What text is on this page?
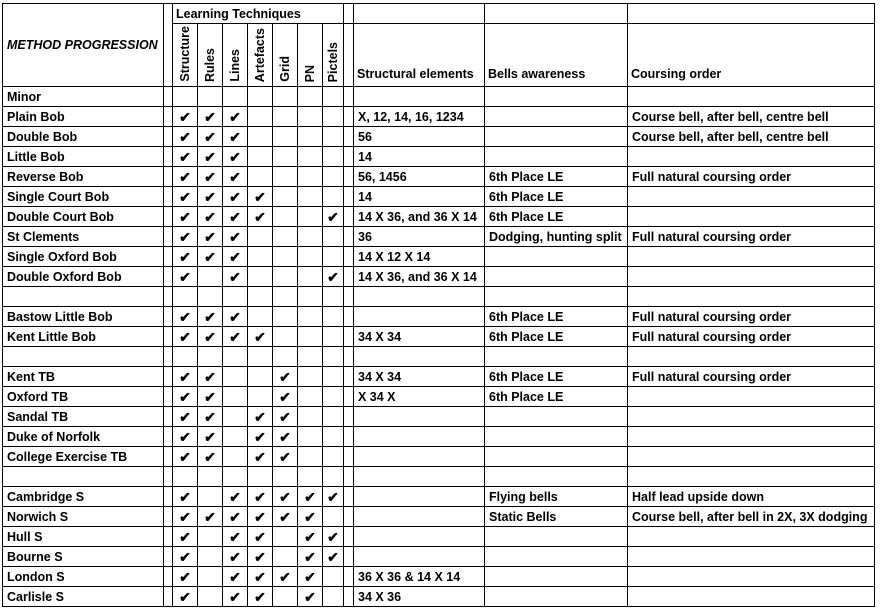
METHOD PROGRESSION		Learning Techniques										

		Structure	Rules	Lines	Artefacts	Grid	PN	Pictels		Structural elements	Bells awareness	Coursing order
Minor												
Plain Bob		✔	✔	✔						X, 12, 14, 16, 1234		Course bell, after bell, centre bell
Double Bob		✔	✔	✔						56		Course bell, after bell, centre bell
Little Bob		✔	✔	✔						14		
Reverse Bob		✔	✔	✔						56, 1456	6th Place LE	Full natural coursing order
Single Court Bob		✔	✔	✔	✔					14	6th Place LE	
Double Court Bob		✔	✔	✔	✔			✔		14 X 36, and 36 X 14	6th Place LE	
St Clements		✔	✔	✔						36	Dodging, hunting split	Full natural coursing order
Single Oxford Bob		✔	✔	✔						14 X 12 X 14		
Double Oxford Bob		✔		✔				✔		14 X 36, and 36 X 14		

Bastow Little Bob		✔	✔	✔							6th Place LE	Full natural coursing order
Kent Little Bob		✔	✔	✔	✔					34 X 34	6th Place LE	Full natural coursing order

Kent TB		✔	✔			✔				34 X 34	6th Place LE	Full natural coursing order
Oxford TB		✔	✔			✔				X 34 X	6th Place LE	
Sandal TB		✔	✔		✔	✔						
Duke of Norfolk		✔	✔		✔	✔						
College Exercise TB		✔	✔		✔	✔						

Cambridge S		✔		✔	✔	✔	✔	✔			Flying bells	Half lead upside down
Norwich S		✔	✔	✔	✔	✔	✔				Static Bells	Course bell, after bell in 2X, 3X dodging
Hull S		✔		✔	✔		✔	✔				
Bourne S		✔		✔	✔		✔	✔				
London S		✔		✔	✔	✔	✔			36 X 36 & 14 X 14		
Carlisle S		✔		✔	✔		✔			34 X 36		
